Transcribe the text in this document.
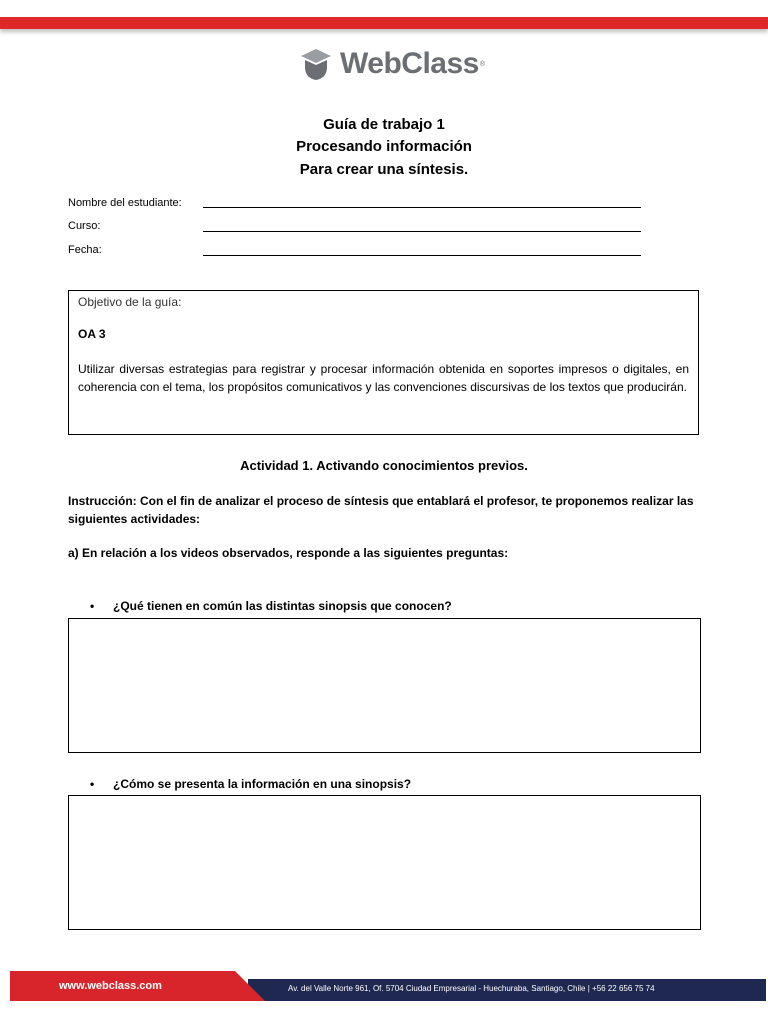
WebClass ®
Guía de trabajo 1
Procesando información
Para crear una síntesis.
Nombre del estudiante:
Curso:
Fecha:
Objetivo de la guía:
OA 3
Utilizar diversas estrategias para registrar y procesar información obtenida en soportes impresos o digitales, en coherencia con el tema, los propósitos comunicativos y las convenciones discursivas de los textos que producirán.
Actividad 1. Activando conocimientos previos.
Instrucción: Con el fin de analizar el proceso de síntesis que entablará el profesor, te proponemos realizar las siguientes actividades:
a) En relación a los videos observados, responde a las siguientes preguntas:
• ¿Qué tienen en común las distintas sinopsis que conocen?
• ¿Cómo se presenta la información en una sinopsis?
www.webclass.com	Av. del Valle Norte 961, Of. 5704 Ciudad Empresarial - Huechuraba, Santiago, Chile | +56 22 656 75 74
